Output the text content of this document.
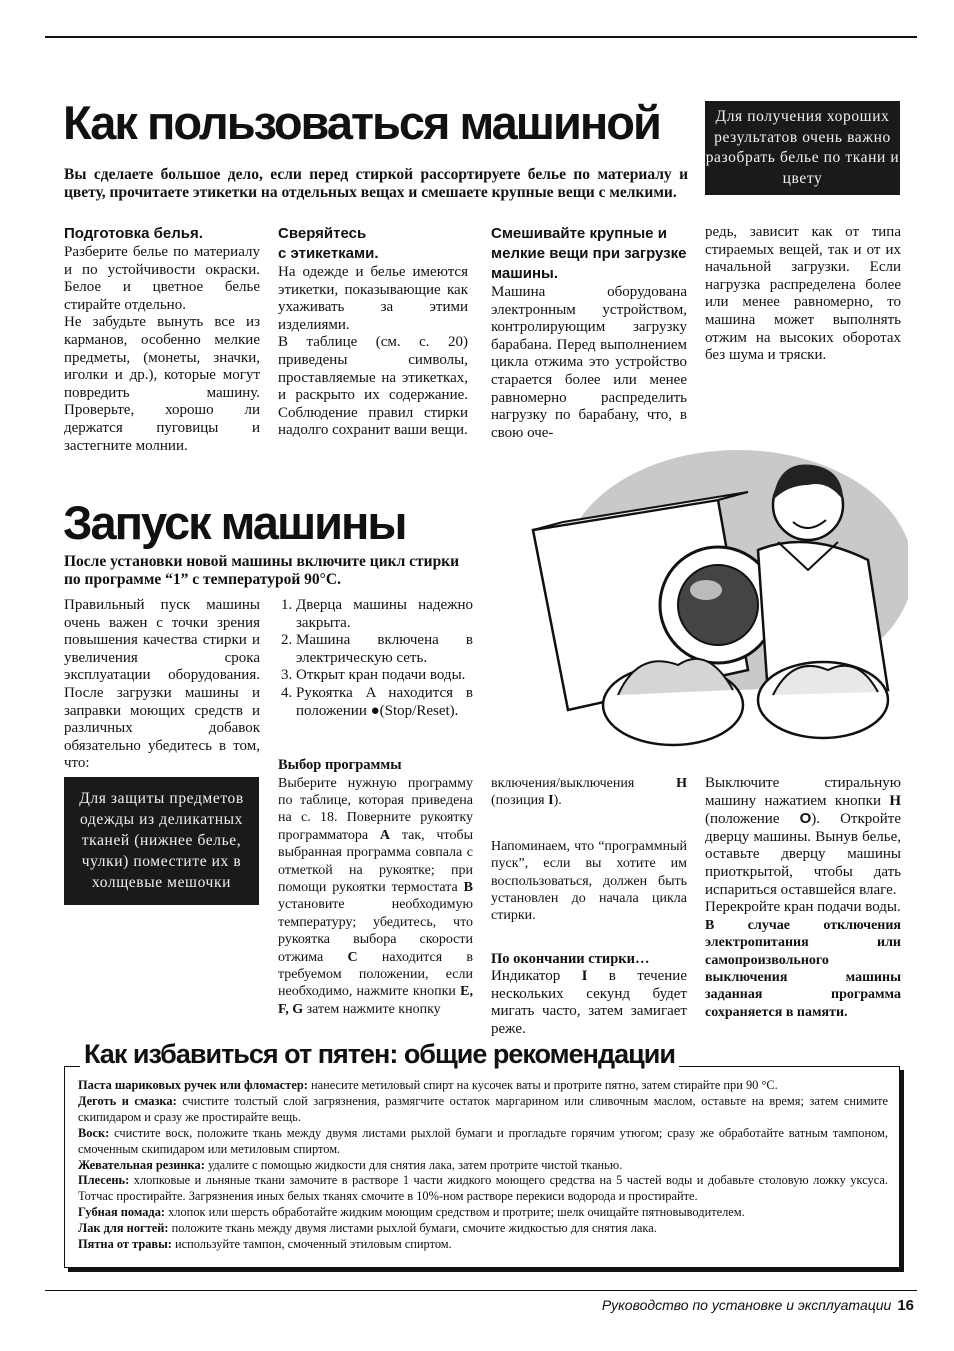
Как пользоваться машиной	Для получения хороших результатов очень важно разобрать белье по ткани и цвету

Вы сделаете большое дело, если перед стиркой рассортируете белье по материалу и цвету, прочитаете этикетки на отдельных вещах и смешаете крупные вещи с мелкими.

Подготовка белья.

Разберите белье по материалу и по устойчивости окраски. Белое и цветное белье стирайте отдельно.

Не забудьте вынуть все из карманов, особенно мелкие предметы, (монеты, значки, иголки и др.), которые могут повредить машину. Проверьте, хорошо ли держатся пуговицы и застегните молнии.

Сверяйтесь
с этикетками.

На одежде и белье имеются этикетки, показывающие как ухаживать за этими изделиями.

В таблице (см. с. 20) приведены символы, проставляемые на этикетках, и раскрыто их содержание. Соблюдение правил стирки надолго сохранит ваши вещи.

Смешивайте крупные и мелкие вещи при загрузке машины.

Машина оборудована электронным устройством, контролирующим загрузку барабана. Перед выполнением цикла отжима это устройство старается более или менее равномерно распределить нагрузку по барабану, что, в свою оче-

редь, зависит как от типа стираемых вещей, так и от их начальной загрузки. Если нагрузка распределена более или менее равномерно, то машина может выполнять отжим на высоких оборотах без шума и тряски.

Запуск машины

После установки новой машины включите цикл стирки по программе “1” с температурой 90°С.

Правильный пуск машины очень важен с точки зрения повышения качества стирки и увеличения срока эксплуатации оборудования. После загрузки машины и заправки моющих средств и различных добавок обязательно убедитесь в том, что:

1. Дверца машины надежно закрыта.
2. Машина включена в электрическую сеть.
3. Открыт кран подачи воды.
4. Рукоятка A находится в положении ●(Stop/Reset).
Для защиты предметов одежды из деликатных тканей (нижнее белье, чулки) поместите их в холщевые мешочки

Выбор программы

Выберите нужную программу по таблице, которая приведена на с. 18. Поверните рукоятку программатора A так, чтобы выбранная программа совпала с отметкой на рукоятке; при помощи рукоятки термостата B установите необходимую температуру; убедитесь, что рукоятка выбора скорости отжима C находится в требуемом положении, если необходимо, нажмите кнопки E, F, G затем нажмите кнопку

включения/выключения H (позиция I).

Напоминаем, что “программный пуск”, если вы хотите им воспользоваться, должен быть установлен до начала цикла стирки.

По окончании стирки…

Индикатор I в течение нескольких секунд будет мигать часто, затем замигает реже.

Выключите стиральную машину нажатием кнопки H (положение O). Откройте дверцу машины. Вынув белье, оставьте дверцу машины приоткрытой, чтобы дать испариться оставшейся влаге.

Перекройте кран подачи воды.

В случае отключения электропитания или самопроизвольного выключения машины заданная программа сохраняется в памяти.

Как избавиться от пятен: общие рекомендации

Паста шариковых ручек или фломастер: нанесите метиловый спирт на кусочек ваты и протрите пятно, затем стирайте при 90 °С.

Деготь и смазка: счистите толстый слой загрязнения, размягчите остаток маргарином или сливочным маслом, оставьте на время; затем снимите скипидаром и сразу же простирайте вещь.

Воск: счистите воск, положите ткань между двумя листами рыхлой бумаги и прогладьте горячим утюгом; сразу же обработайте ватным тампоном, смоченным скипидаром или метиловым спиртом.

Жевательная резинка: удалите с помощью жидкости для снятия лака, затем протрите чистой тканью.

Плесень: хлопковые и льняные ткани замочите в растворе 1 части жидкого моющего средства на 5 частей воды и добавьте столовую ложку уксуса. Тотчас простирайте. Загрязнения иных белых тканях смочите в 10%-ном растворе перекиси водорода и простирайте.

Губная помада: хлопок или шерсть обработайте жидким моющим средством и протрите; шелк очищайте пятновыводителем.

Лак для ногтей: положите ткань между двумя листами рыхлой бумаги, смочите жидкостью для снятия лака.

Пятна от травы: используйте тампон, смоченный этиловым спиртом.

Руководство по установке и эксплуатации 16
